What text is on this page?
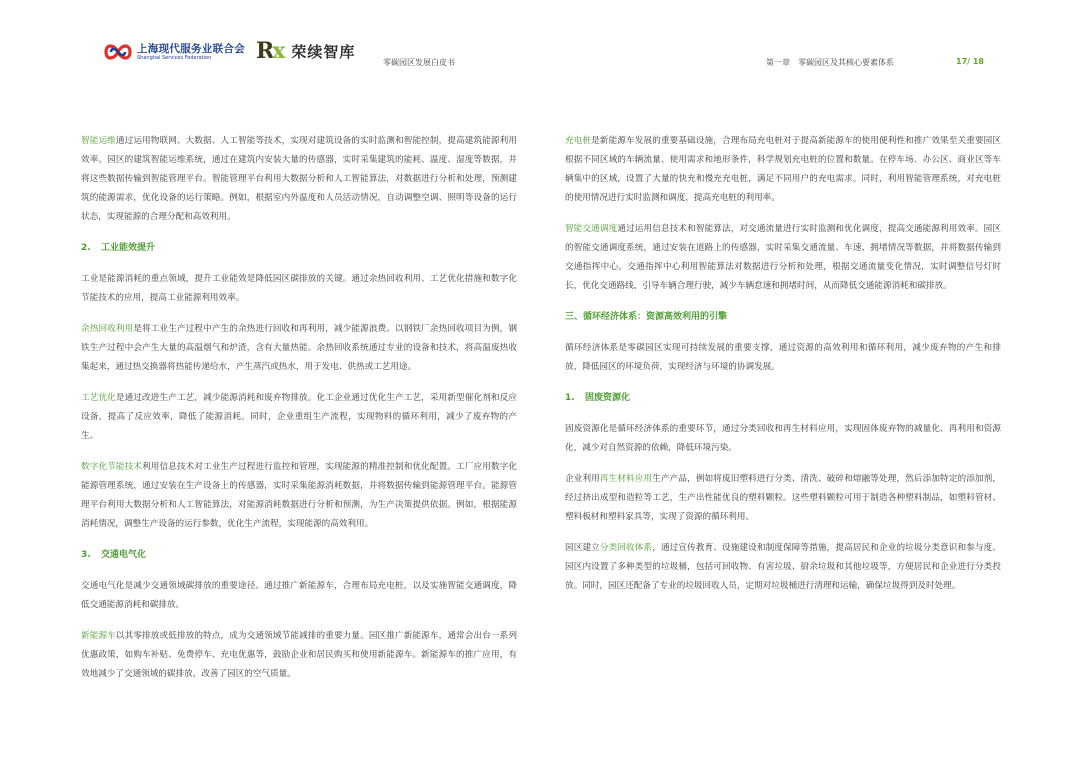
上海现代服务业联合会
Shanghai Services Federation	Rx 荣续智库
零碳园区发展白皮书	第一章　零碳园区及其核心要素体系	17/ 18

智能运维通过运用物联网、大数据、人工智能等技术，实现对建筑设备的实时监测和智能控制，提高建筑能源利用效率。园区的建筑智能运维系统，通过在建筑内安装大量的传感器，实时采集建筑的能耗、温度、湿度等数据，并将这些数据传输到智能管理平台。智能管理平台利用大数据分析和人工智能算法，对数据进行分析和处理，预测建筑的能源需求，优化设备的运行策略。例如，根据室内外温度和人员活动情况，自动调整空调、照明等设备的运行状态，实现能源的合理分配和高效利用。

2. 工业能效提升

工业是能源消耗的重点领域，提升工业能效是降低园区碳排放的关键。通过余热回收利用、工艺优化措施和数字化节能技术的应用，提高工业能源利用效率。

余热回收利用是将工业生产过程中产生的余热进行回收和再利用，减少能源浪费。以钢铁厂余热回收项目为例，钢铁生产过程中会产生大量的高温烟气和炉渣，含有大量热能。余热回收系统通过专业的设备和技术，将高温废热收集起来，通过热交换器将热能传递给水，产生蒸汽或热水，用于发电、供热或工艺用途。

工艺优化是通过改进生产工艺，减少能源消耗和废弃物排放。化工企业通过优化生产工艺，采用新型催化剂和反应设备，提高了反应效率，降低了能源消耗。同时，企业重组生产流程，实现物料的循环利用，减少了废弃物的产生。

数字化节能技术利用信息技术对工业生产过程进行监控和管理，实现能源的精准控制和优化配置。工厂应用数字化能源管理系统，通过安装在生产设备上的传感器，实时采集能源消耗数据，并将数据传输到能源管理平台。能源管理平台利用大数据分析和人工智能算法，对能源消耗数据进行分析和预测，为生产决策提供依据。例如，根据能源消耗情况，调整生产设备的运行参数，优化生产流程，实现能源的高效利用。

3. 交通电气化

交通电气化是减少交通领域碳排放的重要途径。通过推广新能源车，合理布局充电桩，以及实施智能交通调度，降低交通能源消耗和碳排放。

新能源车以其零排放或低排放的特点，成为交通领域节能减排的重要力量。园区推广新能源车，通常会出台一系列优惠政策，如购车补贴、免费停车、充电优惠等，鼓励企业和居民购买和使用新能源车。新能源车的推广应用，有效地减少了交通领域的碳排放，改善了园区的空气质量。

充电桩是新能源车发展的重要基础设施，合理布局充电桩对于提高新能源车的使用便利性和推广效果至关重要园区根据不同区域的车辆流量、使用需求和地形条件，科学规划充电桩的位置和数量。在停车场、办公区、商业区等车辆集中的区域，设置了大量的快充和慢充充电桩，满足不同用户的充电需求。同时，利用智能管理系统，对充电桩的使用情况进行实时监测和调度，提高充电桩的利用率。

智能交通调度通过运用信息技术和智能算法，对交通流量进行实时监测和优化调度，提高交通能源利用效率。园区的智能交通调度系统，通过安装在道路上的传感器，实时采集交通流量、车速、拥堵情况等数据，并将数据传输到交通指挥中心。交通指挥中心利用智能算法对数据进行分析和处理，根据交通流量变化情况，实时调整信号灯时长，优化交通路线，引导车辆合理行驶，减少车辆怠速和拥堵时间，从而降低交通能源消耗和碳排放。

三、循环经济体系：资源高效利用的引擎

循环经济体系是零碳园区实现可持续发展的重要支撑，通过资源的高效利用和循环利用，减少废弃物的产生和排放，降低园区的环境负荷，实现经济与环境的协调发展。

1. 固废资源化

固废资源化是循环经济体系的重要环节，通过分类回收和再生材料应用，实现固体废弃物的减量化、再利用和资源化，减少对自然资源的依赖，降低环境污染。

企业利用再生材料应用生产产品，例如将废旧塑料进行分类、清洗、破碎和熔融等处理，然后添加特定的添加剂，经过挤出成型和造粒等工艺，生产出性能优良的塑料颗粒。这些塑料颗粒可用于制造各种塑料制品，如塑料管材、塑料板材和塑料家具等，实现了资源的循环利用。

园区建立分类回收体系，通过宣传教育、设施建设和制度保障等措施，提高居民和企业的垃圾分类意识和参与度。园区内设置了多种类型的垃圾桶，包括可回收物、有害垃圾、厨余垃圾和其他垃圾等，方便居民和企业进行分类投放。同时，园区还配备了专业的垃圾回收人员，定期对垃圾桶进行清理和运输，确保垃圾得到及时处理。
